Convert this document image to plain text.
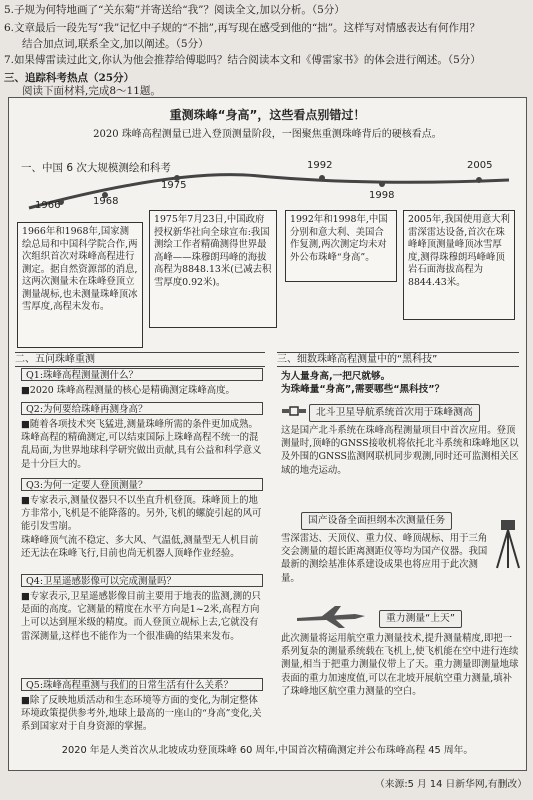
5.子规为何特地画了“关东菊”并寄送给“我”？阅读全文,加以分析。（5分）
6.文章最后一段先写“我”记忆中子规的“不拙”,再写现在感受到他的“拙”。这样写对情感表达有何作用？
结合加点词,联系全文,加以阐述。（5分）
7.如果傅雷读过此文,你认为他会推荐给傅聪吗？结合阅读本文和《傅雷家书》的体会进行阐述。（5分）
三、追踪科考热点（25分）
阅读下面材料,完成8～11题。
重测珠峰“身高”，这些看点别错过！
2020 珠峰高程测量已进入登顶测量阶段，一图聚焦重测珠峰背后的硬核看点。
一、中国 6 次大规模测绘和科考
1966	1968
1975
1992
1998
2005
1966年和1968年,国家测绘总局和中国科学院合作,两次组织首次对珠峰高程进行测定。据自然资源部的消息,这两次测量未在珠峰登顶立测量觇标,也未测量珠峰顶冰雪厚度,高程未发布。
1975年7月23日,中国政府授权新华社向全球宣布:我国测绘工作者精确测得世界最高峰——珠穆朗玛峰的海拔高程为8848.13米(已减去积雪厚度0.92米)。
1992年和1998年,中国分别和意大利、美国合作复测,两次测定均未对外公布珠峰“身高”。
2005年,我国使用意大利雷深雷达设备,首次在珠峰峰顶测量峰顶冰雪厚度,测得珠穆朗玛峰峰顶岩石面海拔高程为8844.43米。
二、五问珠峰重测
Q1:珠峰高程测量测什么？
■2020 珠峰高程测量的核心是精确测定珠峰高度。
Q2:为何要给珠峰再测身高？
■随着各项技术突飞猛进,测量珠峰所需的条件更加成熟。珠峰高程的精确测定,可以结束国际上珠峰高程不统一的混乱局面,为世界地球科学研究做出贡献,具有公益和科学意义是十分巨大的。
Q3:为何一定要人登顶测量？
■专家表示,测量仪器只不以坐直升机登顶。珠峰顶上的地方非常小,飞机是不能降落的。另外,飞机的螺旋引起的风可能引发雪崩。
珠峰峰顶气流不稳定、多大风、气温低,测量型无人机目前还无法在珠峰飞行,目前也尚无机器人顶峰作业经验。
Q4:卫星遥感影像可以完成测量吗？
■专家表示,卫星遥感影像目前主要用于地表的监测,测的只是面的高度。它测量的精度在水平方向是1~2米,高程方向上可以达到厘米级的精度。而人登顶立觇标上去,它就没有雷深测量,这样也不能作为一个很准确的结果来发布。
Q5:珠峰高程重测与我们的日常生活有什么关系？
■除了反映地质活动和生态环境等方面的变化,为制定整体环境政策提供参考外,地球上最高的一座山的“身高”变化,关系到国家对于自身资源的掌握。
三、细数珠峰高程测量中的“黑科技”
为人量身高,一把尺就够。
为珠峰量“身高”,需要哪些“黑科技”？
北斗卫星导航系统首次用于珠峰测高
这是国产北斗系统在珠峰高程测量项目中首次应用。登顶测量时,顶峰的GNSS接收机将依托北斗系统和珠峰地区以及外围的GNSS监测网联机同步观测,同时还可监测相关区域的地壳运动。
国产设备全面担纲本次测量任务
雪深雷达、天顶仪、重力仪、峰顶觇标、用于三角交会测量的超长距离测距仪等均为国产仪器。我国最新的测绘基准体系建设成果也将应用于此次测量。
重力测量“上天”
此次测量将运用航空重力测量技术,提升测量精度,即把一系列复杂的测量系统载在飞机上,使飞机能在空中进行连续测量,相当于把重力测量仪带上了天。重力测量即测量地球表面的重力加速度值,可以在北坡开展航空重力测量,填补了珠峰地区航空重力测量的空白。
2020 年是人类首次从北坡成功登顶珠峰 60 周年,中国首次精确测定并公布珠峰高程 45 周年。
（来源:5 月 14 日新华网,有删改）
